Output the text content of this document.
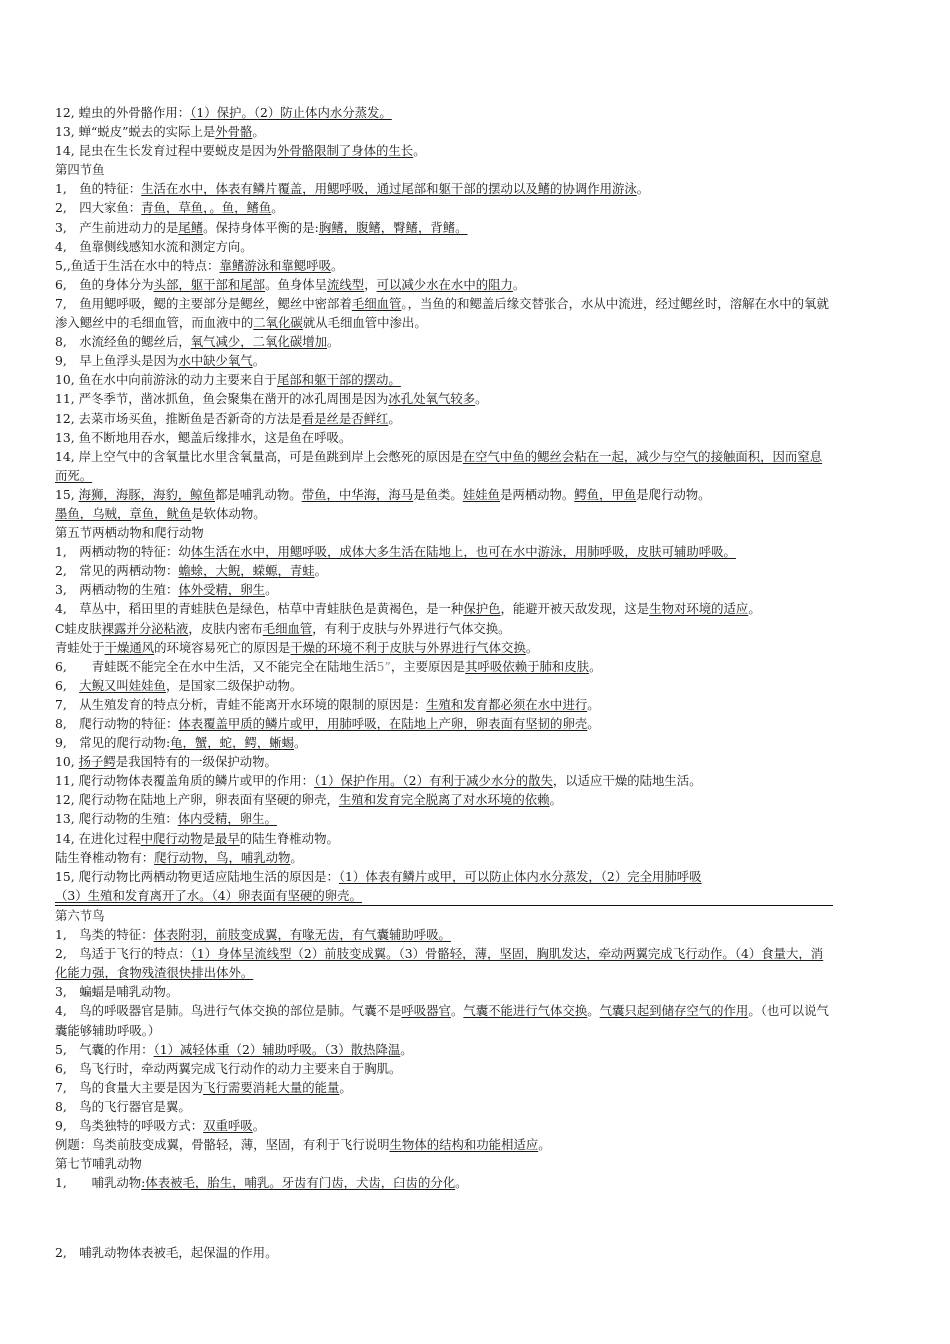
12, 蝗虫的外骨骼作用：（1）保护。（2）防止体内水分蒸发。

13, 蝉“蜕皮”蜕去的实际上是外骨骼。

14, 昆虫在生长发育过程中要蜕皮是因为外骨骼限制了身体的生长。

第四节鱼

1,　鱼的特征：生活在水中，体表有鳞片覆盖，用鳃呼吸，通过尾部和躯干部的摆动以及鳍的协调作用游泳。

2,　四大家鱼：青鱼，草鱼，。鱼，鳍鱼。

3,　产生前进动力的是尾鳍。保持身体平衡的是:胸鳍，腹鳍，臀鳍，背鳍。

4,　鱼靠侧线感知水流和测定方向。

5,,鱼适于生活在水中的特点：靠鳍游泳和靠鳃呼吸。

6,　鱼的身体分为头部，躯干部和尾部。鱼身体呈流线型，可以减少水在水中的阻力。

7,　鱼用鳃呼吸，鳃的主要部分是鳃丝，鳃丝中密部着毛细血管。，当鱼的和鳃盖后缘交替张合，水从中流进，经过鳃丝时，溶解在水中的氧就渗入鳃丝中的毛细血管，而血液中的二氧化碳就从毛细血管中渗出。

8,　水流经鱼的鳃丝后，氧气减少，二氧化碳增加。

9,　早上鱼浮头是因为水中缺少氧气。

10, 鱼在水中向前游泳的动力主要来自于尾部和躯干部的摆动。

11, 严冬季节，凿冰抓鱼，鱼会聚集在凿开的冰孔周围是因为冰孔处氧气较多。

12, 去菜市场买鱼，推断鱼是否新奇的方法是看是丝是否鲜红。

13, 鱼不断地用吞水，鳃盖后缘排水，这是鱼在呼吸。

14, 岸上空气中的含氧量比水里含氧量高，可是鱼跳到岸上会憋死的原因是在空气中鱼的鳃丝会粘在一起，减少与空气的接触面积，因而窒息而死。

15, 海狮，海豚，海豹，鲸鱼都是哺乳动物。带鱼，中华海，海马是鱼类。娃娃鱼是两栖动物。鳄鱼，甲鱼是爬行动物。

墨鱼，乌贼，章鱼，鱿鱼是软体动物。

第五节两栖动物和爬行动物

1,　两栖动物的特征：幼体生活在水中，用鳃呼吸，成体大多生活在陆地上，也可在水中游泳，用肺呼吸，皮肤可辅助呼吸。

2,　常见的两栖动物：蟾蜍，大鲵，蝾螈，青蛙。

3,　两栖动物的生殖：体外受精，卵生。

4,　草丛中，稻田里的青蛙肤色是绿色，枯草中青蛙肤色是黄褐色，是一种保护色，能避开被天敌发现，这是生物对环境的适应。

C蛙皮肤裸露并分泌粘液，皮肤内密布毛细血管，有利于皮肤与外界进行气体交换。

青蛙处于干燥通风的环境容易死亡的原因是干燥的环境不利于皮肤与外界进行气体交换。

6,　　青蛙既不能完全在水中生活，又不能完全在陆地生活5”，主要原因是其呼吸依赖于肺和皮肤。

6,　大鲵又叫娃娃鱼，是国家二级保护动物。

7,　从生殖发育的特点分析，青蛙不能离开水环境的限制的原因是：生殖和发育都必须在水中进行。

8,　爬行动物的特征：体表覆盖甲质的鳞片或甲，用肺呼吸，在陆地上产卵，卵表面有坚韧的卵壳。

9,　常见的爬行动物:龟，蟹，蛇，鳄，蜥蜴。

10, 扬子鳄是我国特有的一级保护动物。

11, 爬行动物体表覆盖角质的鳞片或甲的作用：（1）保护作用。（2）有利于减少水分的散失，以适应干燥的陆地生活。

12, 爬行动物在陆地上产卵，卵表面有坚硬的卵壳，生殖和发育完全脱离了对水环境的依赖。

13, 爬行动物的生殖：体内受精，卵生。

14, 在进化过程中爬行动物是最早的陆生脊椎动物。

陆生脊椎动物有：爬行动物，鸟，哺乳动物。

15, 爬行动物比两栖动物更适应陆地生活的原因是：（1）体表有鳞片或甲，可以防止体内水分蒸发，（2）完全用肺呼吸

（3）生殖和发育离开了水。（4）卵表面有坚硬的卵壳。

第六节鸟

1,　鸟类的特征：体表附羽，前肢变成翼，有喙无齿，有气囊辅助呼吸。

2,　鸟适于飞行的特点：（1）身体呈流线型（2）前肢变成翼。（3）骨骼轻，薄，坚固，胸肌发达，牵动两翼完成飞行动作。（4）食量大，消化能力强，食物残渣很快排出体外。

3,　蝙蝠是哺乳动物。

4,　鸟的呼吸器官是肺。鸟进行气体交换的部位是肺。气囊不是呼吸器官。气囊不能进行气体交换。气囊只起到储存空气的作用。（也可以说气囊能够辅助呼吸。）

5,　气囊的作用：（1）减轻体重（2）辅助呼吸。（3）散热降温。

6,　鸟飞行时，牵动两翼完成飞行动作的动力主要来自于胸肌。

7,　鸟的食量大主要是因为飞行需要消耗大量的能量。

8,　鸟的飞行器官是翼。

9,　鸟类独特的呼吸方式：双重呼吸。

例题：鸟类前肢变成翼，骨骼轻，薄，坚固，有利于飞行说明生物体的结构和功能相适应。

第七节哺乳动物

1,　　哺乳动物:体表被毛，胎生，哺乳。牙齿有门齿，犬齿，臼齿的分化。

2,　哺乳动物体表被毛，起保温的作用。
